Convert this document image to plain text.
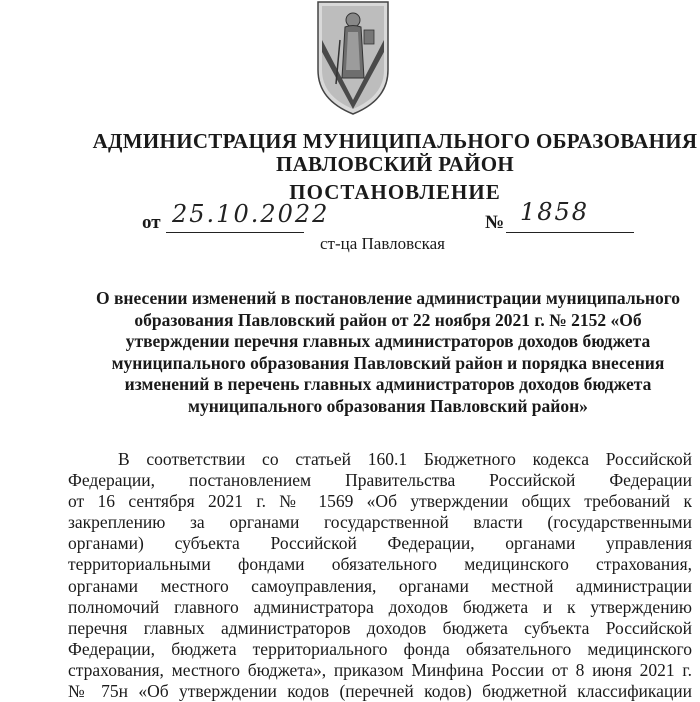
АДМИНИСТРАЦИЯ МУНИЦИПАЛЬНОГО ОБРАЗОВАНИЯ
ПАВЛОВСКИЙ РАЙОН
ПОСТАНОВЛЕНИЕ
от 25.10.2022	№ 1858
ст-ца Павловская
О внесении изменений в постановление администрации муниципального
образования Павловский район от 22 ноября 2021 г. № 2152 «Об
утверждении перечня главных администраторов доходов бюджета
муниципального образования Павловский район и порядка внесения
изменений в перечень главных администраторов доходов бюджета
муниципального образования Павловский район»
В соответствии со статьей 160.1 Бюджетного кодекса Российской
Федерации, постановлением Правительства Российской Федерации
от 16 сентября 2021 г. № 1569 «Об утверждении общих требований к
закреплению за органами государственной власти (государственными
органами) субъекта Российской Федерации, органами управления
территориальными фондами обязательного медицинского страхования,
органами местного самоуправления, органами местной администрации
полномочий главного администратора доходов бюджета и к утверждению
перечня главных администраторов доходов бюджета субъекта Российской
Федерации, бюджета территориального фонда обязательного медицинского
страхования, местного бюджета», приказом Минфина России от 8 июня 2021 г.
№ 75н «Об утверждении кодов (перечней кодов) бюджетной классификации
